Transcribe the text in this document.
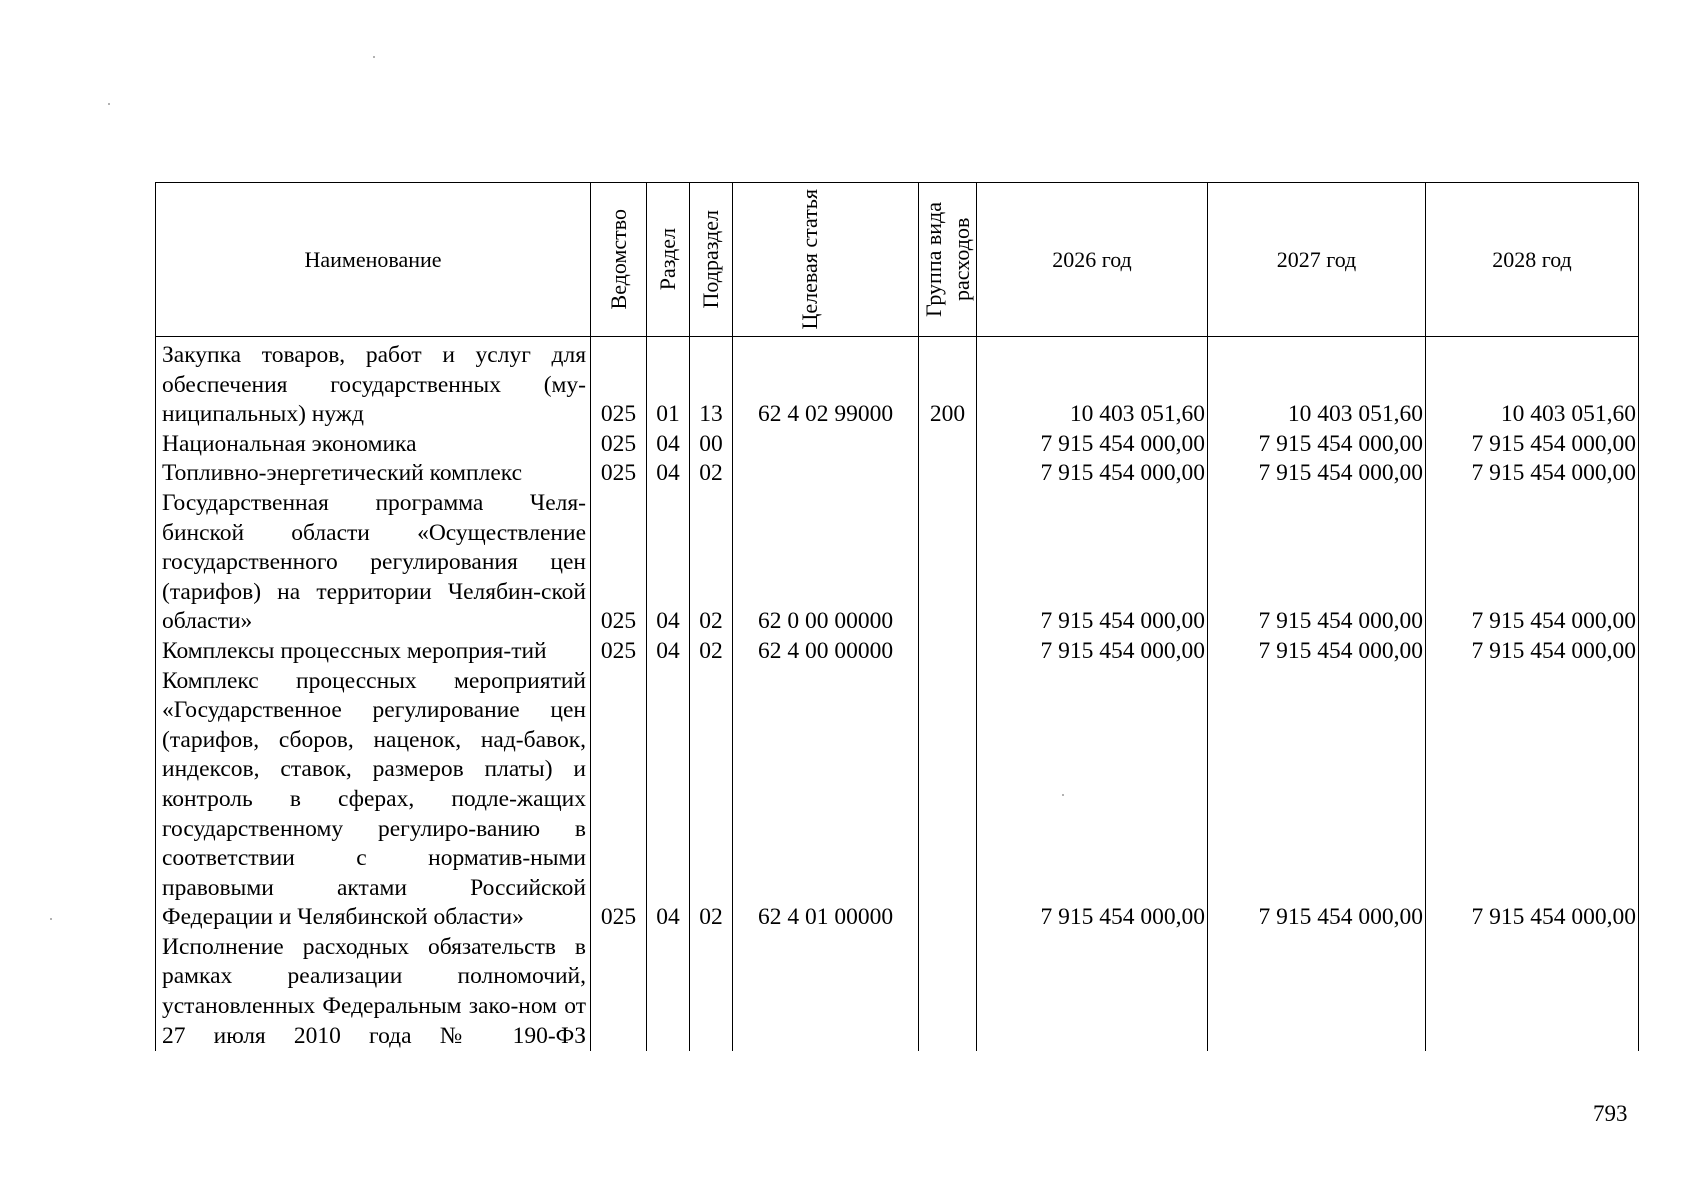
Наименование	Ведомство	Раздел	Подраздел	Целевая статья	Группа вида расходов	2026 год	2027 год	2028 год
Закупка товаров, работ и услуг для обеспечения государственных (му-ниципальных) нужд	025	01	13	62 4 02 99000	200	10 403 051,60	10 403 051,60	10 403 051,60
Национальная экономика	025	04	00			7 915 454 000,00	7 915 454 000,00	7 915 454 000,00
Топливно-энергетический комплекс	025	04	02			7 915 454 000,00	7 915 454 000,00	7 915 454 000,00
Государственная программа Челя-бинской области «Осуществление государственного регулирования цен (тарифов) на территории Челябин-ской области»	025	04	02	62 0 00 00000		7 915 454 000,00	7 915 454 000,00	7 915 454 000,00
Комплексы процессных мероприя-тий	025	04	02	62 4 00 00000		7 915 454 000,00	7 915 454 000,00	7 915 454 000,00
Комплекс процессных мероприятий «Государственное регулирование цен (тарифов, сборов, наценок, над-бавок, индексов, ставок, размеров платы) и контроль в сферах, подле-жащих государственному регулиро-ванию в соответствии с норматив-ными правовыми актами Российской Федерации и Челябинской области»	025	04	02	62 4 01 00000		7 915 454 000,00	7 915 454 000,00	7 915 454 000,00
Исполнение расходных обязательств в рамках реализации полномочий, установленных Федеральным зако-ном от 27 июля 2010 года № 190-ФЗ								
793
